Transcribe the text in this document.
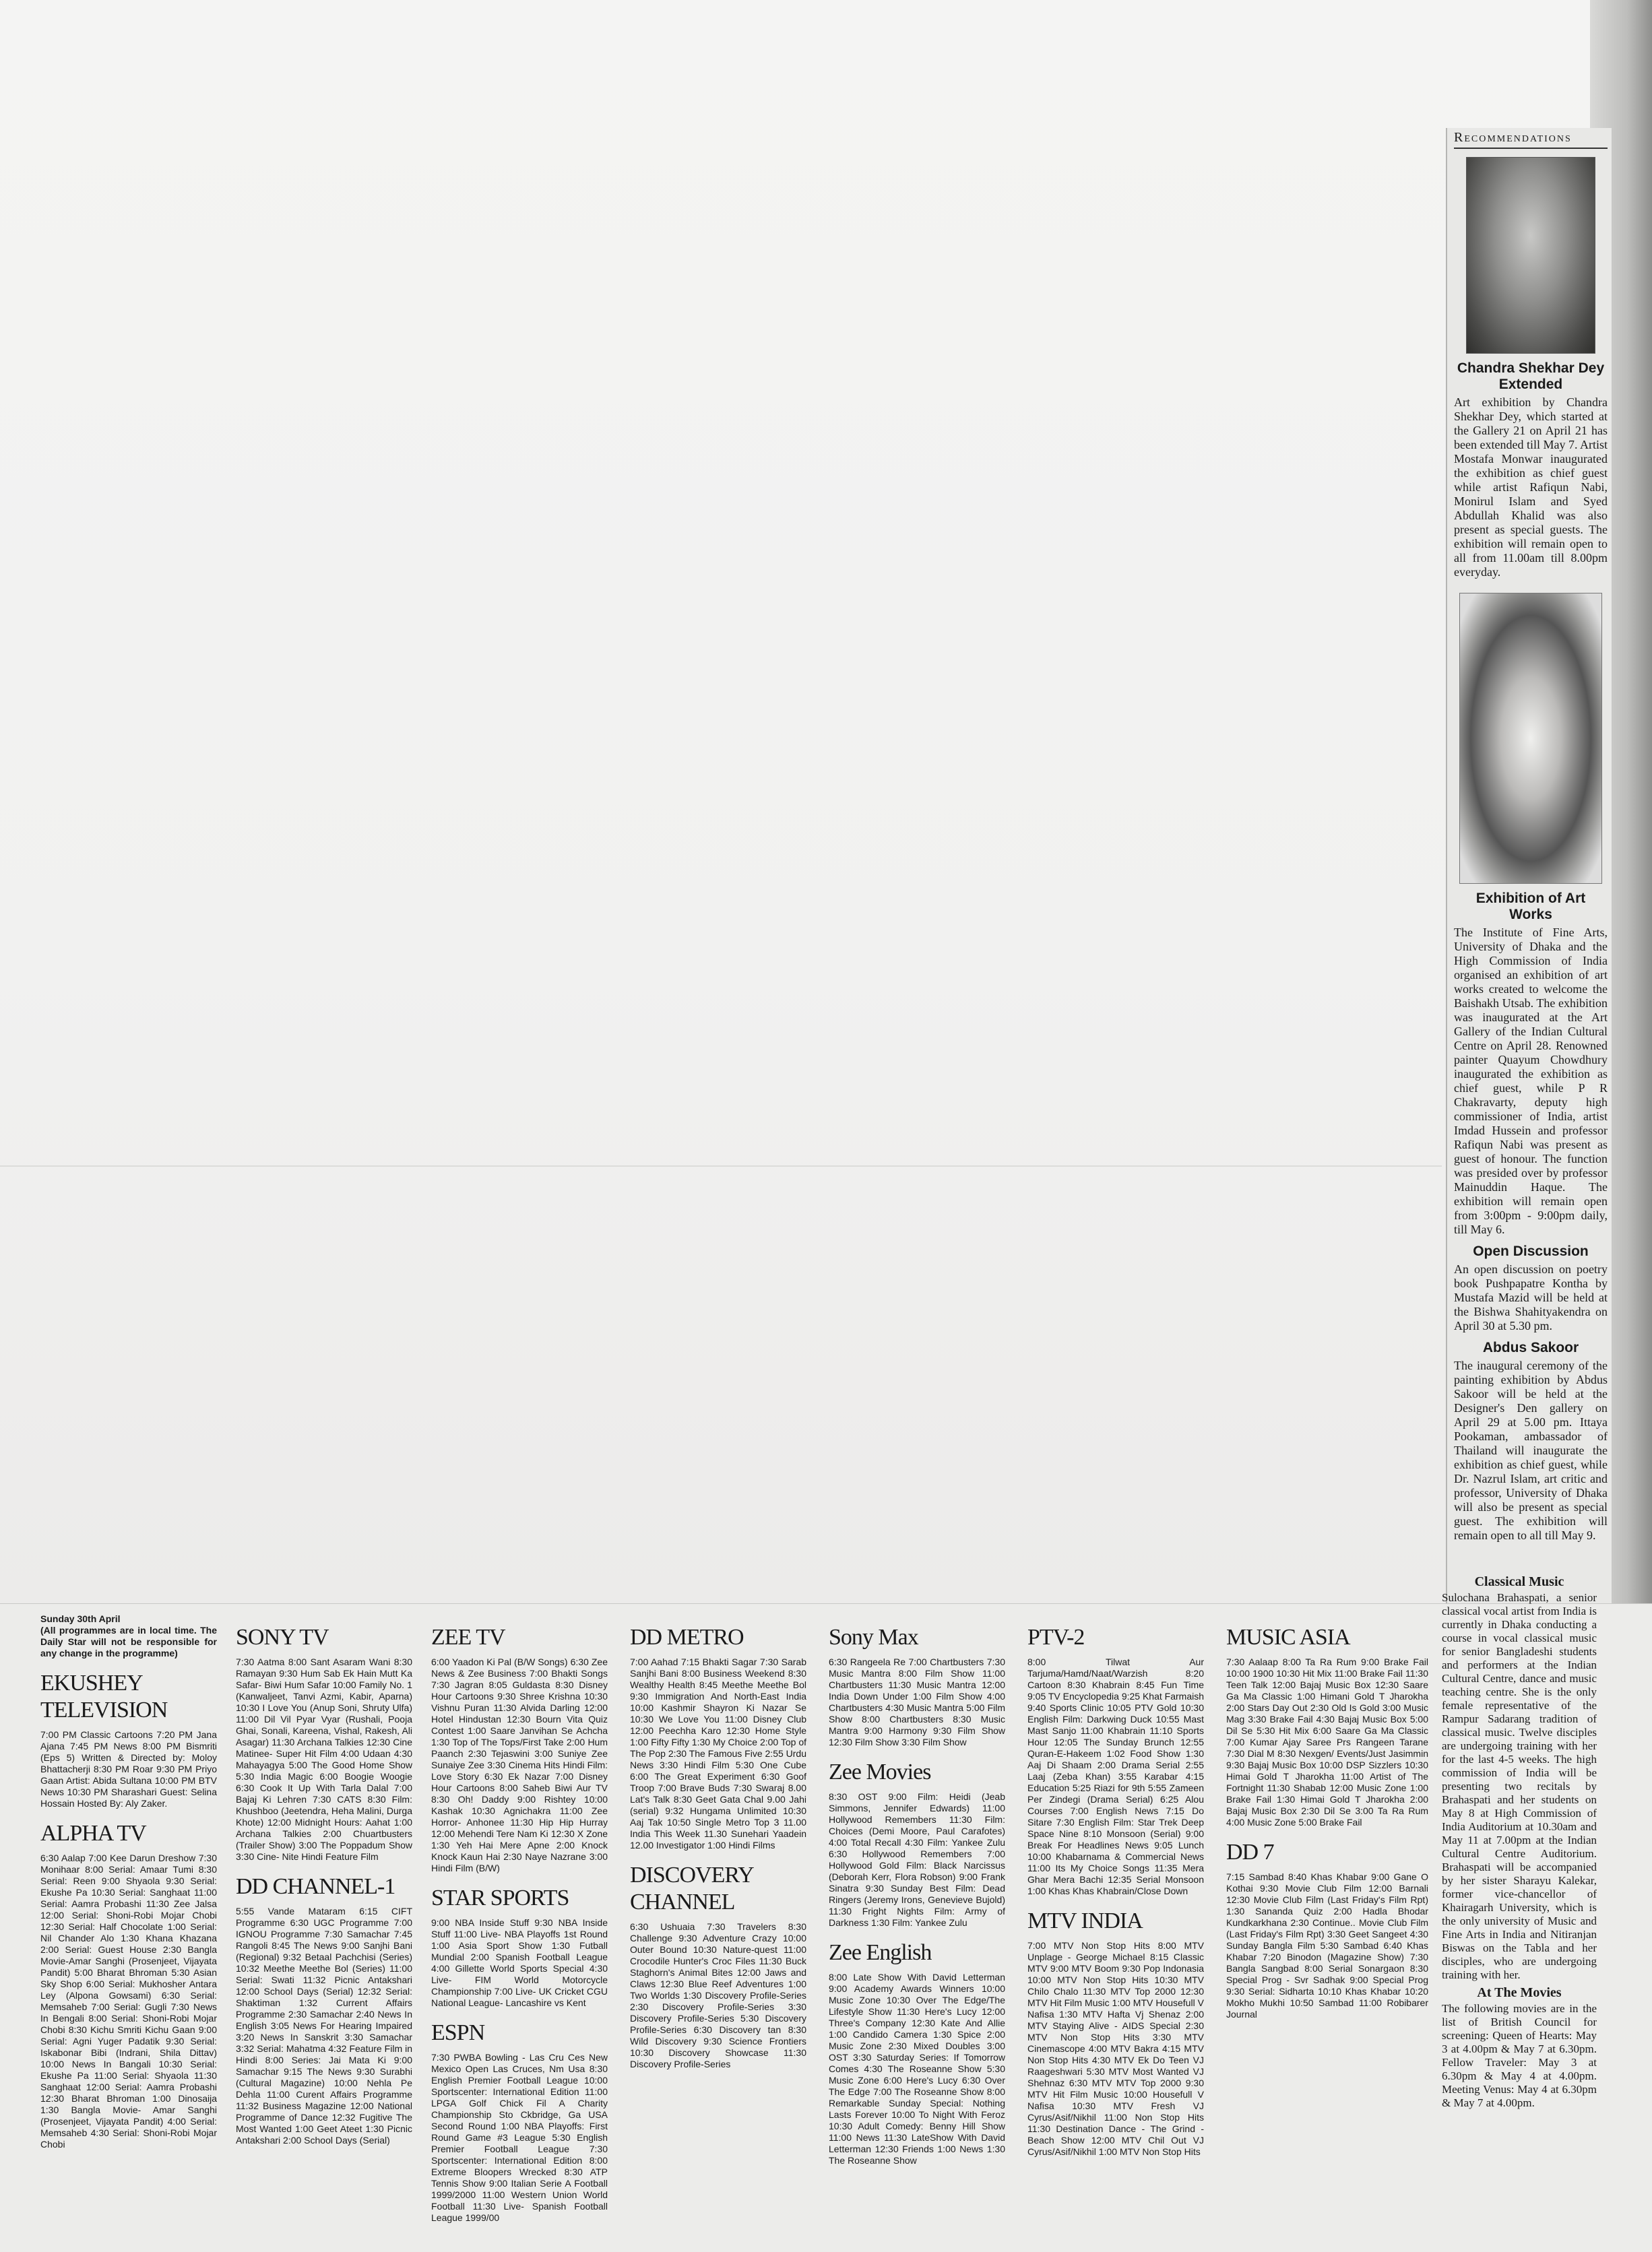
Recommendations
Chandra Shekhar Dey Extended

Art exhibition by Chandra Shekhar Dey, which started at the Gallery 21 on April 21 has been extended till May 7. Artist Mostafa Monwar inaugurated the exhibition as chief guest while artist Rafiqun Nabi, Monirul Islam and Syed Abdullah Khalid was also present as special guests. The exhibition will remain open to all from 11.00am till 8.00pm everyday.

Exhibition of Art Works

The Institute of Fine Arts, University of Dhaka and the High Commission of India organised an exhibition of art works created to welcome the Baishakh Utsab. The exhibition was inaugurated at the Art Gallery of the Indian Cultural Centre on April 28. Renowned painter Quayum Chowdhury inaugurated the exhibition as chief guest, while P R Chakravarty, deputy high commissioner of India, artist Imdad Hussein and professor Rafiqun Nabi was present as guest of honour. The function was presided over by professor Mainuddin Haque. The exhibition will remain open from 3:00pm - 9:00pm daily, till May 6.

Open Discussion

An open discussion on poetry book Pushpapatre Kontha by Mustafa Mazid will be held at the Bishwa Shahityakendra on April 30 at 5.30 pm.

Abdus Sakoor

The inaugural ceremony of the painting exhibition by Abdus Sakoor will be held at the Designer's Den gallery on April 29 at 5.00 pm. Ittaya Pookaman, ambassador of Thailand will inaugurate the exhibition as chief guest, while Dr. Nazrul Islam, art critic and professor, University of Dhaka will also be present as special guest. The exhibition will remain open to all till May 9.

Sunday 30th April

(All programmes are in local time. The Daily Star will not be responsible for any change in the programme)

EKUSHEY TELEVISION

7:00 PM Classic Cartoons 7:20 PM Jana Ajana 7:45 PM News 8:00 PM Bismriti (Eps 5) Written & Directed by: Moloy Bhattacherji 8:30 PM Roar 9:30 PM Priyo Gaan Artist: Abida Sultana 10:00 PM BTV News 10:30 PM Sharashari Guest: Selina Hossain Hosted By: Aly Zaker.

ALPHA TV

6:30 Aalap 7:00 Kee Darun Dreshow 7:30 Monihaar 8:00 Serial: Amaar Tumi 8:30 Serial: Reen 9:00 Shyaola 9:30 Serial: Ekushe Pa 10:30 Serial: Sanghaat 11:00 Serial: Aamra Probashi 11:30 Zee Jalsa 12:00 Serial: Shoni-Robi Mojar Chobi 12:30 Serial: Half Chocolate 1:00 Serial: Nil Chander Alo 1:30 Khana Khazana 2:00 Serial: Guest House 2:30 Bangla Movie-Amar Sanghi (Prosenjeet, Vijayata Pandit) 5:00 Bharat Bhroman 5:30 Asian Sky Shop 6:00 Serial: Mukhosher Antara Ley (Alpona Gowsami) 6:30 Serial: Memsaheb 7:00 Serial: Gugli 7:30 News In Bengali 8:00 Serial: Shoni-Robi Mojar Chobi 8:30 Kichu Smriti Kichu Gaan 9:00 Serial: Agni Yuger Padatik 9:30 Serial: Iskabonar Bibi (Indrani, Shila Dittav) 10:00 News In Bangali 10:30 Serial: Ekushe Pa 11:00 Serial: Shyaola 11:30 Sanghaat 12:00 Serial: Aamra Probashi 12:30 Bharat Bhroman 1:00 Dinosaija 1:30 Bangla Movie- Amar Sanghi (Prosenjeet, Vijayata Pandit) 4:00 Serial: Memsaheb 4:30 Serial: Shoni-Robi Mojar Chobi

SONY TV

7:30 Aatma 8:00 Sant Asaram Wani 8:30 Ramayan 9:30 Hum Sab Ek Hain Mutt Ka Safar- Biwi Hum Safar 10:00 Family No. 1 (Kanwaljeet, Tanvi Azmi, Kabir, Aparna) 10:30 I Love You (Anup Soni, Shruty Ulfa) 11:00 Dil Vil Pyar Vyar (Rushali, Pooja Ghai, Sonali, Kareena, Vishal, Rakesh, Ali Asagar) 11:30 Archana Talkies 12:30 Cine Matinee- Super Hit Film 4:00 Udaan 4:30 Mahayagya 5:00 The Good Home Show 5:30 India Magic 6:00 Boogie Woogie 6:30 Cook It Up With Tarla Dalal 7:00 Bajaj Ki Lehren 7:30 CATS 8:30 Film: Khushboo (Jeetendra, Heha Malini, Durga Khote) 12:00 Midnight Hours: Aahat 1:00 Archana Talkies 2:00 Chuartbusters (Trailer Show) 3:00 The Poppadum Show 3:30 Cine- Nite Hindi Feature Film

DD CHANNEL-1

5:55 Vande Mataram 6:15 CIFT Programme 6:30 UGC Programme 7:00 IGNOU Programme 7:30 Samachar 7:45 Rangoli 8:45 The News 9:00 Sanjhi Bani (Regional) 9:32 Betaal Pachchisi (Series) 10:32 Meethe Meethe Bol (Series) 11:00 Serial: Swati 11:32 Picnic Antakshari 12:00 School Days (Serial) 12:32 Serial: Shaktiman 1:32 Current Affairs Programme 2:30 Samachar 2:40 News In English 3:05 News For Hearing Impaired 3:20 News In Sanskrit 3:30 Samachar 3:32 Serial: Mahatma 4:32 Feature Film in Hindi 8:00 Series: Jai Mata Ki 9:00 Samachar 9:15 The News 9:30 Surabhi (Cultural Magazine) 10:00 Nehla Pe Dehla 11:00 Curent Affairs Programme 11:32 Business Magazine 12:00 National Programme of Dance 12:32 Fugitive The Most Wanted 1:00 Geet Ateet 1:30 Picnic Antakshari 2:00 School Days (Serial)

ZEE TV

6:00 Yaadon Ki Pal (B/W Songs) 6:30 Zee News & Zee Business 7:00 Bhakti Songs 7:30 Jagran 8:05 Guldasta 8:30 Disney Hour Cartoons 9:30 Shree Krishna 10:30 Vishnu Puran 11:30 Alvida Darling 12:00 Hotel Hindustan 12:30 Bourn Vita Quiz Contest 1:00 Saare Janvihan Se Achcha 1:30 Top of The Tops/First Take 2:00 Hum Paanch 2:30 Tejaswini 3:00 Suniye Zee Sunaiye Zee 3:30 Cinema Hits Hindi Film: Love Story 6:30 Ek Nazar 7:00 Disney Hour Cartoons 8:00 Saheb Biwi Aur TV 8:30 Oh! Daddy 9:00 Rishtey 10:00 Kashak 10:30 Agnichakra 11:00 Zee Horror- Anhonee 11:30 Hip Hip Hurray 12:00 Mehendi Tere Nam Ki 12:30 X Zone 1:30 Yeh Hai Mere Apne 2:00 Knock Knock Kaun Hai 2:30 Naye Nazrane 3:00 Hindi Film (B/W)

STAR SPORTS

9:00 NBA Inside Stuff 9:30 NBA Inside Stuff 11:00 Live- NBA Playoffs 1st Round 1:00 Asia Sport Show 1:30 Futball Mundial 2:00 Spanish Football League 4:00 Gillette World Sports Special 4:30 Live- FIM World Motorcycle Championship 7:00 Live- UK Cricket CGU National League- Lancashire vs Kent

ESPN

7:30 PWBA Bowling - Las Cru Ces New Mexico Open Las Cruces, Nm Usa 8:30 English Premier Football League 10:00 Sportscenter: International Edition 11:00 LPGA Golf Chick Fil A Charity Championship Sto Ckbridge, Ga USA Second Round 1:00 NBA Playoffs: First Round Game #3 League 5:30 English Premier Football League 7:30 Sportscenter: International Edition 8:00 Extreme Bloopers Wrecked 8:30 ATP Tennis Show 9:00 Italian Serie A Football 1999/2000 11:00 Western Union World Football 11:30 Live- Spanish Football League 1999/00

DD METRO

7:00 Aahad 7:15 Bhakti Sagar 7:30 Sarab Sanjhi Bani 8:00 Business Weekend 8:30 Wealthy Health 8:45 Meethe Meethe Bol 9:30 Immigration And North-East India 10:00 Kashmir Shayron Ki Nazar Se 10:30 We Love You 11:00 Disney Club 12:00 Peechha Karo 12:30 Home Style 1:00 Fifty Fifty 1:30 My Choice 2:00 Top of The Pop 2:30 The Famous Five 2:55 Urdu News 3:30 Hindi Film 5:30 One Cube 6:00 The Great Experiment 6:30 Goof Troop 7:00 Brave Buds 7:30 Swaraj 8.00 Lat's Talk 8:30 Geet Gata Chal 9.00 Jahi (serial) 9:32 Hungama Unlimited 10:30 Aaj Tak 10:50 Single Metro Top 3 11.00 India This Week 11.30 Sunehari Yaadein 12.00 Investigator 1:00 Hindi Films

DISCOVERY CHANNEL

6:30 Ushuaia 7:30 Travelers 8:30 Challenge 9:30 Adventure Crazy 10:00 Outer Bound 10:30 Nature-quest 11:00 Crocodile Hunter's Croc Files 11:30 Buck Staghorn's Animal Bites 12:00 Jaws and Claws 12:30 Blue Reef Adventures 1:00 Two Worlds 1:30 Discovery Profile-Series 2:30 Discovery Profile-Series 3:30 Discovery Profile-Series 5:30 Discovery Profile-Series 6:30 Discovery tan 8:30 Wild Discovery 9:30 Science Frontiers 10:30 Discovery Showcase 11:30 Discovery Profile-Series

Sony Max

6:30 Rangeela Re 7:00 Chartbusters 7:30 Music Mantra 8:00 Film Show 11:00 Chartbusters 11:30 Music Mantra 12:00 India Down Under 1:00 Film Show 4:00 Chartbusters 4:30 Music Mantra 5:00 Film Show 8:00 Chartbusters 8:30 Music Mantra 9:00 Harmony 9:30 Film Show 12:30 Film Show 3:30 Film Show

Zee Movies

8:30 OST 9:00 Film: Heidi (Jeab Simmons, Jennifer Edwards) 11:00 Hollywood Remembers 11:30 Film: Choices (Demi Moore, Paul Carafotes) 4:00 Total Recall 4:30 Film: Yankee Zulu 6:30 Hollywood Remembers 7:00 Hollywood Gold Film: Black Narcissus (Deborah Kerr, Flora Robson) 9:00 Frank Sinatra 9:30 Sunday Best Film: Dead Ringers (Jeremy Irons, Genevieve Bujold) 11:30 Fright Nights Film: Army of Darkness 1:30 Film: Yankee Zulu

Zee English

8:00 Late Show With David Letterman 9:00 Academy Awards Winners 10:00 Music Zone 10:30 Over The Edge/The Lifestyle Show 11:30 Here's Lucy 12:00 Three's Company 12:30 Kate And Allie 1:00 Candido Camera 1:30 Spice 2:00 Music Zone 2:30 Mixed Doubles 3:00 OST 3:30 Saturday Series: If Tomorrow Comes 4:30 The Roseanne Show 5:30 Music Zone 6:00 Here's Lucy 6:30 Over The Edge 7:00 The Roseanne Show 8:00 Remarkable Sunday Special: Nothing Lasts Forever 10:00 To Night With Feroz 10:30 Adult Comedy: Benny Hill Show 11:00 News 11:30 LateShow With David Letterman 12:30 Friends 1:00 News 1:30 The Roseanne Show

PTV-2

8:00 Tilwat Aur Tarjuma/Hamd/Naat/Warzish 8:20 Cartoon 8:30 Khabrain 8:45 Fun Time 9:05 TV Encyclopedia 9:25 Khat Farmaish 9:40 Sports Clinic 10:05 PTV Gold 10:30 English Film: Darkwing Duck 10:55 Mast Mast Sanjo 11:00 Khabrain 11:10 Sports Hour 12:05 The Sunday Brunch 12:55 Quran-E-Hakeem 1:02 Food Show 1:30 Aaj Di Shaam 2:00 Drama Serial 2:55 Laaj (Zeba Khan) 3:55 Karabar 4:15 Education 5:25 Riazi for 9th 5:55 Zameen Per Zindegi (Drama Serial) 6:25 Alou Courses 7:00 English News 7:15 Do Sitare 7:30 English Film: Star Trek Deep Space Nine 8:10 Monsoon (Serial) 9:00 Break For Headlines News 9:05 Lunch 10:00 Khabarnama & Commercial News 11:00 Its My Choice Songs 11:35 Mera Ghar Mera Bachi 12:35 Serial Monsoon 1:00 Khas Khas Khabrain/Close Down

MTV INDIA

7:00 MTV Non Stop Hits 8:00 MTV Unplage - George Michael 8:15 Classic MTV 9:00 MTV Boom 9:30 Pop Indonasia 10:00 MTV Non Stop Hits 10:30 MTV Chilo Chalo 11:30 MTV Top 2000 12:30 MTV Hit Film Music 1:00 MTV Housefull V Nafisa 1:30 MTV Hafta Vj Shenaz 2:00 MTV Staying Alive - AIDS Special 2:30 MTV Non Stop Hits 3:30 MTV Cinemascope 4:00 MTV Bakra 4:15 MTV Non Stop Hits 4:30 MTV Ek Do Teen VJ Raageshwari 5:30 MTV Most Wanted VJ Shehnaz 6:30 MTV MTV Top 2000 9:30 MTV Hit Film Music 10:00 Housefull V Nafisa 10:30 MTV Fresh VJ Cyrus/Asif/Nikhil 11:00 Non Stop Hits 11:30 Destination Dance - The Grind - Beach Show 12:00 MTV Chil Out VJ Cyrus/Asif/Nikhil 1:00 MTV Non Stop Hits

MUSIC ASIA

7:30 Aalaap 8:00 Ta Ra Rum 9:00 Brake Fail 10:00 1900 10:30 Hit Mix 11:00 Brake Fail 11:30 Teen Talk 12:00 Bajaj Music Box 12:30 Saare Ga Ma Classic 1:00 Himani Gold T Jharokha 2:00 Stars Day Out 2:30 Old Is Gold 3:00 Music Mag 3:30 Brake Fail 4:30 Bajaj Music Box 5:00 Dil Se 5:30 Hit Mix 6:00 Saare Ga Ma Classic 7:00 Kumar Ajay Saree Prs Rangeen Tarane 7:30 Dial M 8:30 Nexgen/ Events/Just Jasimmin 9:30 Bajaj Music Box 10:00 DSP Sizzlers 10:30 Himai Gold T Jharokha 11:00 Artist of The Fortnight 11:30 Shabab 12:00 Music Zone 1:00 Brake Fail 1:30 Himai Gold T Jharokha 2:00 Bajaj Music Box 2:30 Dil Se 3:00 Ta Ra Rum 4:00 Music Zone 5:00 Brake Fail

DD 7

7:15 Sambad 8:40 Khas Khabar 9:00 Gane O Kothai 9:30 Movie Club Film 12:00 Barnali 12:30 Movie Club Film (Last Friday's Film Rpt) 1:30 Sananda Quiz 2:00 Hadla Bhodar Kundkarkhana 2:30 Continue.. Movie Club Film (Last Friday's Film Rpt) 3:30 Geet Sangeet 4:30 Sunday Bangla Film 5:30 Sambad 6:40 Khas Khabar 7:20 Binodon (Magazine Show) 7:30 Bangla Sangbad 8:00 Serial Sonargaon 8:30 Special Prog - Svr Sadhak 9:00 Special Prog 9:30 Serial: Sidharta 10:10 Khas Khabar 10:20 Mokho Mukhi 10:50 Sambad 11:00 Robibarer Journal

Classical Music

Sulochana Brahaspati, a senior classical vocal artist from India is currently in Dhaka conducting a course in vocal classical music for senior Bangladeshi students and performers at the Indian Cultural Centre, dance and music teaching centre. She is the only female representative of the Rampur Sadarang tradition of classical music. Twelve disciples are undergoing training with her for the last 4-5 weeks. The high commission of India will be presenting two recitals by Brahaspati and her students on May 8 at High Commission of India Auditorium at 10.30am and May 11 at 7.00pm at the Indian Cultural Centre Auditorium. Brahaspati will be accompanied by her sister Sharayu Kalekar, former vice-chancellor of Khairagarh University, which is the only university of Music and Fine Arts in India and Nitiranjan Biswas on the Tabla and her disciples, who are undergoing training with her.

At The Movies

The following movies are in the list of British Council for screening: Queen of Hearts: May 3 at 4.00pm & May 7 at 6.30pm. Fellow Traveler: May 3 at 6.30pm & May 4 at 4.00pm. Meeting Venus: May 4 at 6.30pm & May 7 at 4.00pm.
